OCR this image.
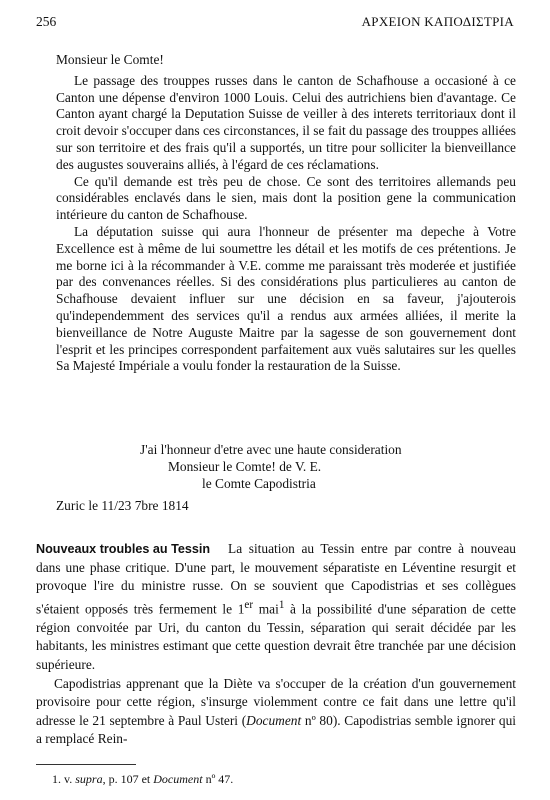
256	ΑΡΧΕΙΟΝ ΚΑΠΟΔΙΣΤΡΙΑ

Monsieur le Comte!

Le passage des trouppes russes dans le canton de Schafhouse a occasioné à ce Canton une dépense d'environ 1000 Louis. Celui des autrichiens bien d'avantage. Ce Canton ayant chargé la Deputation Suisse de veiller à des interets territoriaux dont il croit devoir s'occuper dans ces circonstances, il se fait du passage des trouppes alliées sur son territoire et des frais qu'il a supportés, un titre pour solliciter la bienveillance des augustes souverains alliés, à l'égard de ces réclamations.

Ce qu'il demande est très peu de chose. Ce sont des territoires allemands peu considérables enclavés dans le sien, mais dont la position gene la communication intérieure du canton de Schafhouse.

La députation suisse qui aura l'honneur de présenter ma depeche à Votre Excellence est à même de lui soumettre les détail et les motifs de ces prétentions. Je me borne ici à la récommander à V.E. comme me paraissant très moderée et justifiée par des convenances réelles. Si des considérations plus particulieres au canton de Schafhouse devaient influer sur une décision en sa faveur, j'ajouterois qu'independemment des services qu'il a rendus aux armées alliées, il merite la bienveillance de Notre Auguste Maitre par la sagesse de son gouvernement dont l'esprit et les principes correspondent parfaitement aux vuës salutaires sur les quelles Sa Majesté Impériale a voulu fonder la restauration de la Suisse.

J'ai l'honneur d'etre avec une haute consideration
Monsieur le Comte! de V. E.
le Comte Capodistria
Zuric le 11/23 7bre 1814
Nouveaux troubles au Tessin	La situation au Tessin entre par contre à nouveau dans une phase critique. D'une part, le mouvement séparatiste en Léventine resurgit et provoque l'ire du ministre russe. On se souvient que Capodistrias et ses collègues s'étaient opposés très fermement le 1er mai$^1$ à la possibilité d'une séparation de cette région convoitée par Uri, du canton du Tessin, séparation qui serait décidée par les habitants, les ministres estimant que cette question devrait être tranchée par une décision supérieure.

Capodistrias apprenant que la Diète va s'occuper de la création d'un gouvernement provisoire pour cette région, s'insurge violemment contre ce fait dans une lettre qu'il adresse le 21 septembre à Paul Usteri (Document nº 80). Capodistrias semble ignorer qui a remplacé Rein-

1. v. supra, p. 107 et Document nº 47.
